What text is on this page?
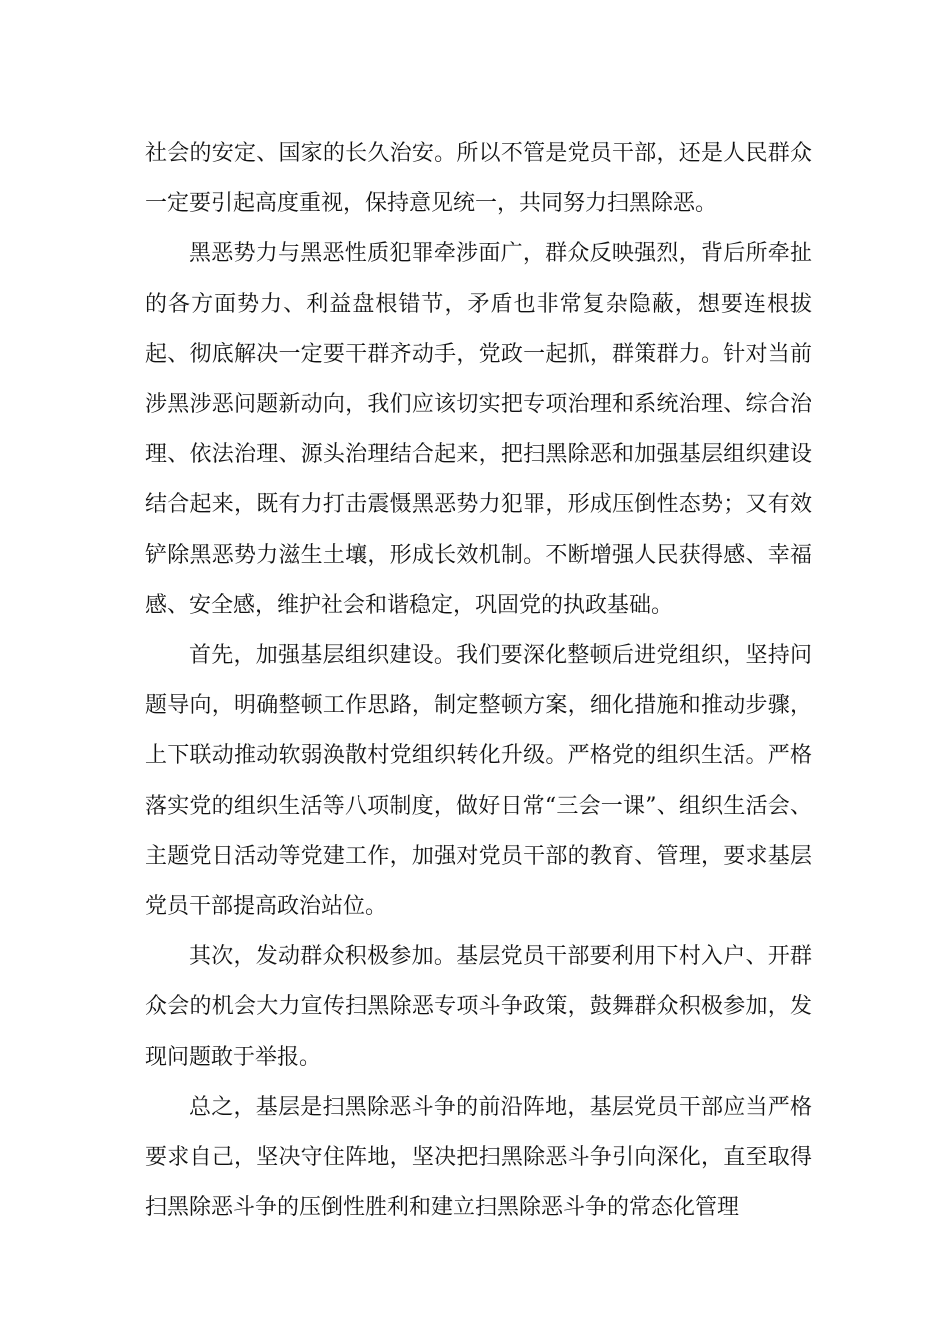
社会的安定、国家的长久治安。所以不管是党员干部，还是人民群众一定要引起高度重视，保持意见统一，共同努力扫黑除恶。

黑恶势力与黑恶性质犯罪牵涉面广，群众反映强烈，背后所牵扯的各方面势力、利益盘根错节，矛盾也非常复杂隐蔽，想要连根拔起、彻底解决一定要干群齐动手，党政一起抓，群策群力。针对当前涉黑涉恶问题新动向，我们应该切实把专项治理和系统治理、综合治理、依法治理、源头治理结合起来，把扫黑除恶和加强基层组织建设结合起来，既有力打击震慑黑恶势力犯罪，形成压倒性态势；又有效铲除黑恶势力滋生土壤，形成长效机制。不断增强人民获得感、幸福感、安全感，维护社会和谐稳定，巩固党的执政基础。

首先，加强基层组织建设。我们要深化整顿后进党组织，坚持问题导向，明确整顿工作思路，制定整顿方案，细化措施和推动步骤，上下联动推动软弱涣散村党组织转化升级。严格党的组织生活。严格落实党的组织生活等八项制度，做好日常“三会一课”、组织生活会、主题党日活动等党建工作，加强对党员干部的教育、管理，要求基层党员干部提高政治站位。

其次，发动群众积极参加。基层党员干部要利用下村入户、开群众会的机会大力宣传扫黑除恶专项斗争政策，鼓舞群众积极参加，发现问题敢于举报。

总之，基层是扫黑除恶斗争的前沿阵地，基层党员干部应当严格要求自己，坚决守住阵地，坚决把扫黑除恶斗争引向深化，直至取得扫黑除恶斗争的压倒性胜利和建立扫黑除恶斗争的常态化管理
